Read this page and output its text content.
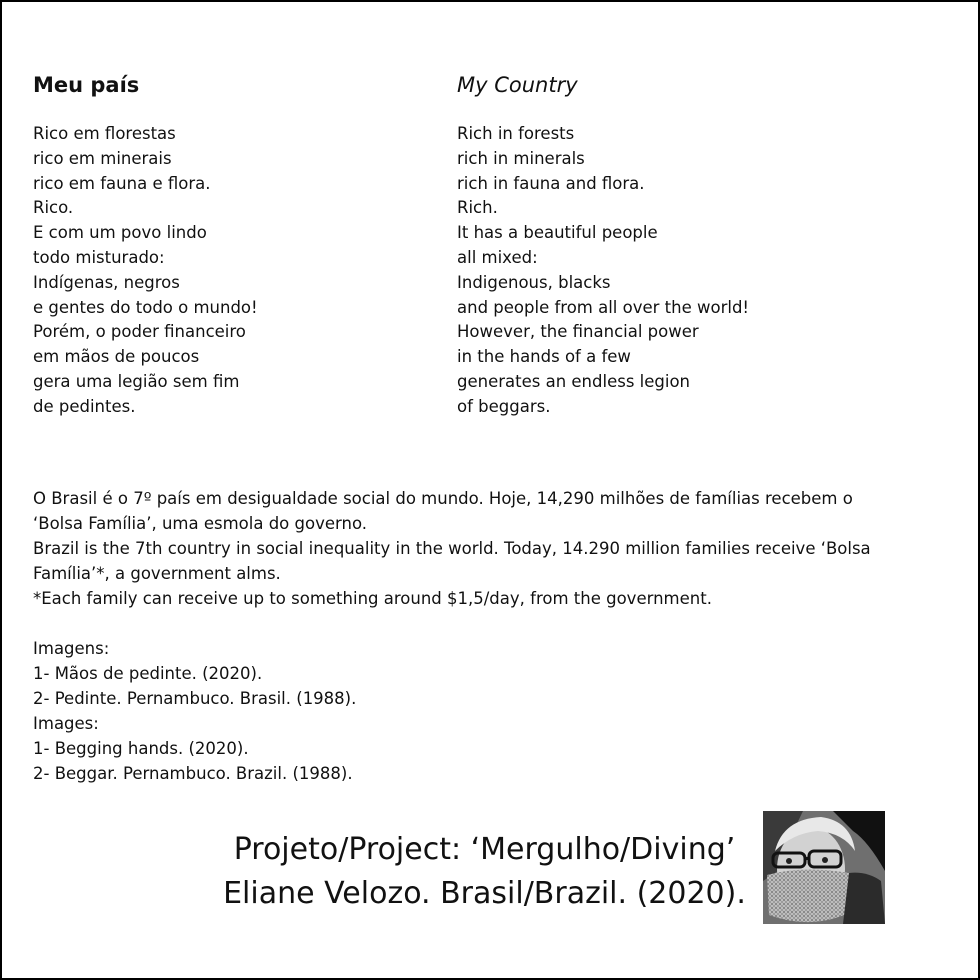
Meu país
Rico em florestas
rico em minerais
rico em fauna e flora.
Rico.
E com um povo lindo
todo misturado:
Indígenas, negros
e gentes do todo o mundo!
Porém, o poder financeiro
em mãos de poucos
gera uma legião sem fim
de pedintes.
My Country
Rich in forests
rich in minerals
rich in fauna and flora.
Rich.
It has a beautiful people
all mixed:
Indigenous, blacks
and people from all over the world!
However, the financial power
in the hands of a few
generates an endless legion
of beggars.
O Brasil é o 7º país em desigualdade social do mundo. Hoje, 14,290 milhões de famílias recebem o
‘Bolsa Família’, uma esmola do governo.
Brazil is the 7th country in social inequality in the world. Today, 14.290 million families receive ‘Bolsa
Família’*, a government alms.
*Each family can receive up to something around $1,5/day, from the government.
Imagens:
1- Mãos de pedinte. (2020).
2- Pedinte. Pernambuco. Brasil. (1988).
Images:
1- Begging hands. (2020).
2- Beggar. Pernambuco. Brazil. (1988).
Projeto/Project: ‘Mergulho/Diving’
Eliane Velozo. Brasil/Brazil. (2020).
